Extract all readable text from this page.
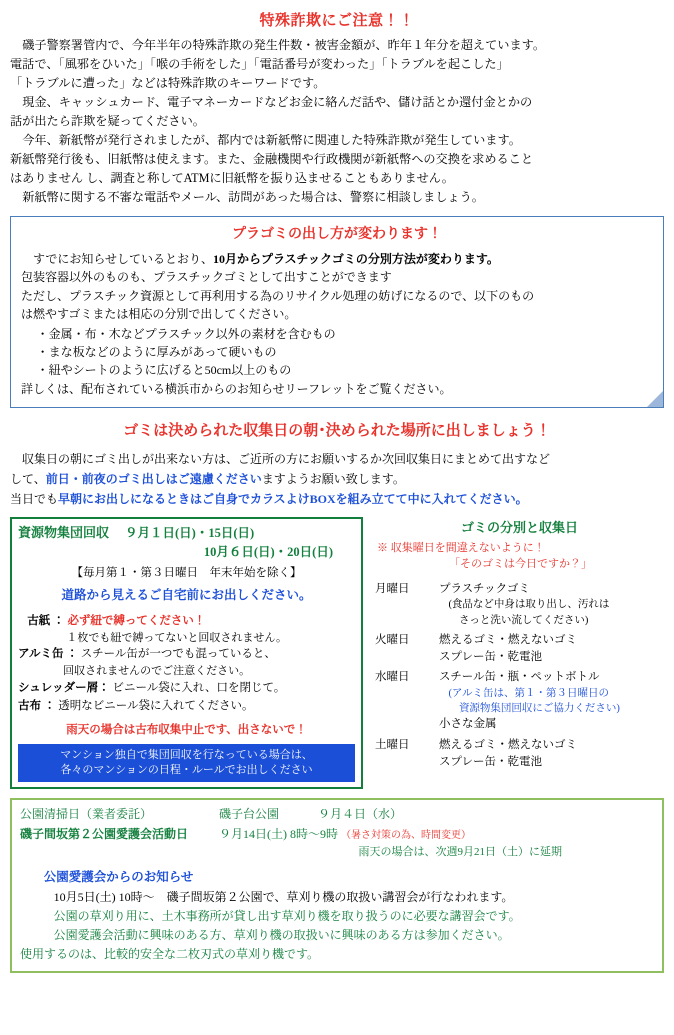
特殊詐欺にご注意！！

磯子警察署管内で、今年半年の特殊詐欺の発生件数・被害金額が、昨年１年分を超えています。

電話で、「風邪をひいた」「喉の手術をした」「電話番号が変わった」「トラブルを起こした」

「トラブルに遭った」などは特殊詐欺のキーワードです。

現金、キャッシュカード、電子マネーカードなどお金に絡んだ話や、儲け話とか還付金とかの

話が出たら詐欺を疑ってください。

今年、新紙幣が発行されましたが、都内では新紙幣に関連した特殊詐欺が発生しています。

新紙幣発行後も、旧紙幣は使えます。また、金融機関や行政機関が新紙幣への交換を求めること

はありません し、調査と称してATMに旧紙幣を振り込ませることもありません。

新紙幣に関する不審な電話やメール、訪問があった場合は、警察に相談しましょう。

プラゴミの出し方が変わります！

すでにお知らせしているとおり、10月からプラスチックゴミの分別方法が変わります。

包装容器以外のものも、プラスチックゴミとして出すことができます

ただし、プラスチック資源として再利用する為のリサイクル処理の妨げになるので、以下のもの

は燃やすゴミまたは相応の分別で出してください。

・ 金属・布・木などプラスチック以外の素材を含むもの
・ まな板などのように厚みがあって硬いもの
・ 紐やシートのように広げると50cm以上のもの

詳しくは、配布されている横浜市からのお知らせリーフレットをご覧ください。

ゴミは決められた収集日の朝･決められた場所に出しましょう！

収集日の朝にゴミ出しが出来ない方は、ご近所の方にお願いするか次回収集日にまとめて出すなど

して、前日・前夜のゴミ出しはご遠慮くださいますようお願い致します。

当日でも早朝にお出しになるときはご自身でカラスよけBOXを組み立てて中に入れてください。

資源物集団回収 ９月１日(日)・15日(日)
10月６日(日)・20日(日)
【毎月第１・第３日曜日　年末年始を除く】
道路から見えるご自宅前にお出しください。
古紙 ： 必ず紐で縛ってください！
１枚でも紐で縛ってないと回収されません。
アルミ缶 ： スチール缶が一つでも混っていると、
回収されませんのでご注意ください。
シュレッダー屑： ビニール袋に入れ、口を閉じて。
古布 ： 透明なビニール袋に入れてください。
雨天の場合は古布収集中止です、出さないで！
マンション独自で集団回収を行なっている場合は、
各々のマンションの日程・ルールでお出しください
ゴミの分別と収集日
※ 収集曜日を間違えないように！
「そのゴミは今日ですか？」
月曜日	プラスチックゴミ
(食品など中身は取り出し、汚れは
さっと洗い流してください)

火曜日	燃えるゴミ・燃えないゴミ
スプレー缶・乾電池

水曜日	スチール缶・瓶・ペットボトル
(アルミ缶は、第１・第３日曜日の
資源物集団回収にご協力ください)
小さな金属

土曜日	燃えるゴミ・燃えないゴミ
スプレー缶・乾電池
公園清掃日（業者委託）	磯子台公園	９月４日（水）
磯子間坂第２公園愛護会活動日	９月14日(土) 8時～9時 （暑さ対策の為、時間変更）
雨天の場合は、次週9月21日（土）に延期
公園愛護会からのお知らせ

10月5日(土) 10時～　磯子間坂第２公園で、草刈り機の取扱い講習会が行なわれます。

公園の草刈り用に、土木事務所が貸し出す草刈り機を取り扱うのに必要な講習会です。

公園愛護会活動に興味のある方、草刈り機の取扱いに興味のある方は参加ください。

使用するのは、比較的安全な二枚刃式の草刈り機です。
